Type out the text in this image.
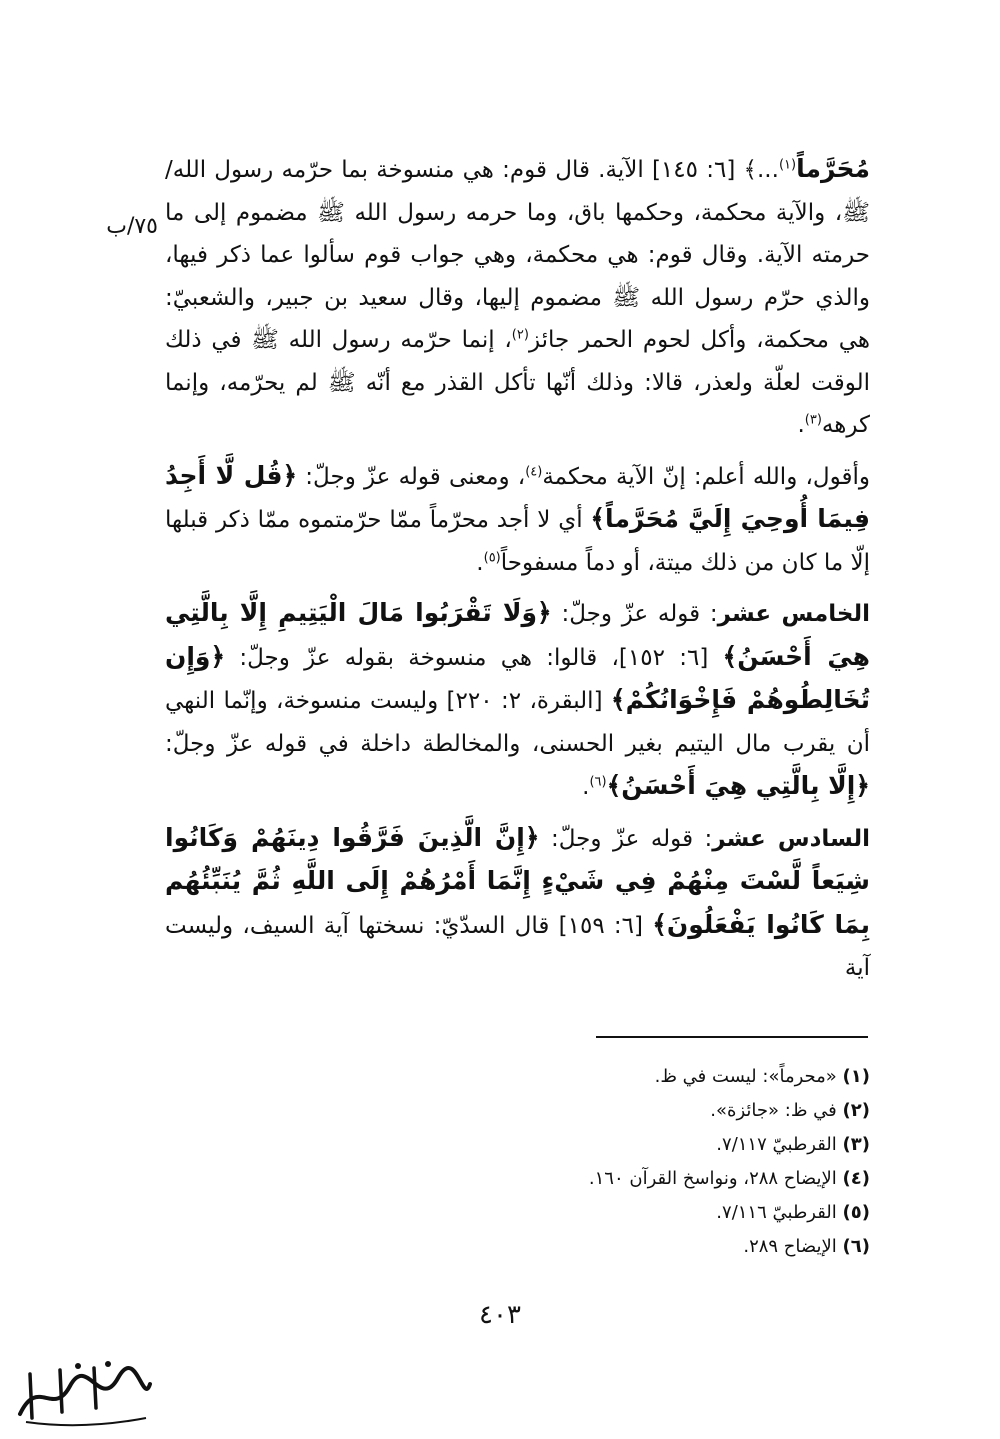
٧٥/ب

مُحَرَّماً$^{(١)}$...﴾ [٦: ١٤٥] الآية. قال قوم: هي منسوخة بما حرّمه رسول الله/ ﷺ، والآية محكمة، وحكمها باق، وما حرمه رسول الله ﷺ مضموم إلى ما حرمته الآية. وقال قوم: هي محكمة، وهي جواب قوم سألوا عما ذكر فيها، والذي حرّم رسول الله ﷺ مضموم إليها، وقال سعيد بن جبير، والشعبيّ: هي محكمة، وأكل لحوم الحمر جائز$^{(٢)}$، إنما حرّمه رسول الله ﷺ في ذلك الوقت لعلّة ولعذر، قالا: وذلك أنّها تأكل القذر مع أنّه ﷺ لم يحرّمه، وإنما كرهه$^{(٣)}$.

وأقول، والله أعلم: إنّ الآية محكمة$^{(٤)}$، ومعنى قوله عزّ وجلّ: ﴿قُل لَّا أَجِدُ فِيمَا أُوحِيَ إِلَيَّ مُحَرَّماً﴾ أي لا أجد محرّماً ممّا حرّمتموه ممّا ذكر قبلها إلّا ما كان من ذلك ميتة، أو دماً مسفوحاً$^{(٥)}$.

الخامس عشر: قوله عزّ وجلّ: ﴿وَلَا تَقْرَبُوا مَالَ الْيَتِيمِ إِلَّا بِالَّتِي هِيَ أَحْسَنُ﴾ [٦: ١٥٢]، قالوا: هي منسوخة بقوله عزّ وجلّ: ﴿وَإِن تُخَالِطُوهُمْ فَإِخْوَانُكُمْ﴾ [البقرة، ٢: ٢٢٠] وليست منسوخة، وإنّما النهي أن يقرب مال اليتيم بغير الحسنى، والمخالطة داخلة في قوله عزّ وجلّ: ﴿إِلَّا بِالَّتِي هِيَ أَحْسَنُ﴾$^{(٦)}$.

السادس عشر: قوله عزّ وجلّ: ﴿إِنَّ الَّذِينَ فَرَّقُوا دِينَهُمْ وَكَانُوا شِيَعاً لَّسْتَ مِنْهُمْ فِي شَيْءٍ إِنَّمَا أَمْرُهُمْ إِلَى اللَّهِ ثُمَّ يُنَبِّئُهُم بِمَا كَانُوا يَفْعَلُونَ﴾ [٦: ١٥٩] قال السدّيّ: نسختها آية السيف، وليست آية

(١) «محرماً»: ليست في ظ.

(٢) في ظ: «جائزة».

(٣) القرطبيّ ٧/١١٧.

(٤) الإيضاح ٢٨٨، ونواسخ القرآن ١٦٠.

(٥) القرطبيّ ٧/١١٦.

(٦) الإيضاح ٢٨٩.

٤٠٣
